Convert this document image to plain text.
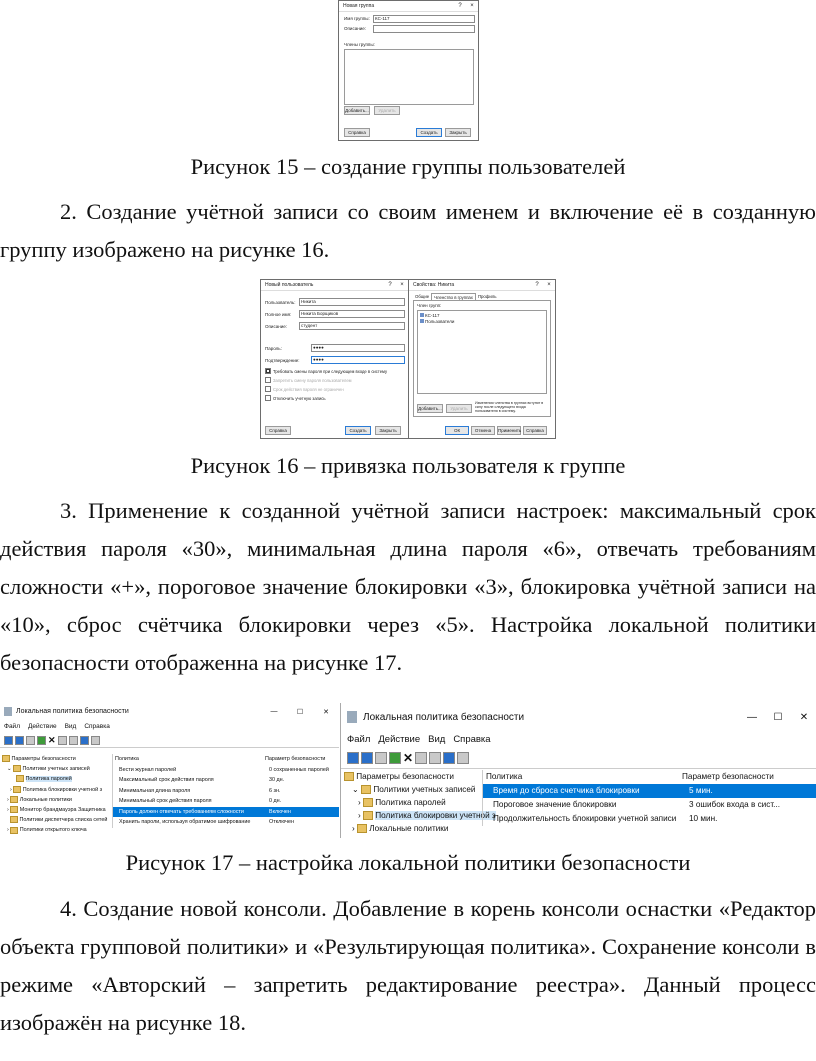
Новая группа	?	×
Имя группы:	КС-117
Описание:
Члены группы:
Добавить...	Удалить
Справка	Создать	Закрыть
Рисунок 15 – создание группы пользователей

2. Создание учётной записи со своим именем и включение её в созданную группу изображено на рисунке 16.

Новый пользователь	?	×
Пользователь:	Никита
Полное имя:	Никита Борщиков
Описание:	студент
Пароль:	●●●●
Подтверждение:	●●●●
Требовать смены пароля при следующем входе в систему
Запретить смену пароля пользователем
Срок действия пароля не ограничен
Отключить учетную запись
Справка	Создать	Закрыть
Свойства: Никита	?	×
Общие	Членство в группах	Профиль
Член групп:
КС-117
Пользователи
Добавить...	Удалить
Изменения членства в группах вступят в силу после следующего входа пользователя в систему.
ОК	Отмена	Применить	Справка
Рисунок 16 – привязка пользователя к группе

3. Применение к созданной учётной записи настроек: максимальный срок действия пароля «30», минимальная длина пароля «6», отвечать требованиям сложности «+», пороговое значение блокировки «3», блокировка учётной записи на «10», сброс счётчика блокировки через «5». Настройка локальной политики безопасности отображенна на рисунке 17.

Локальная политика безопасности	—	☐	✕
Файл Действие Вид Справка
✕
Параметры безопасности
⌄  Политики учетных записей
Политика паролей
›  Политика блокировки учетной з
›  Локальные политики
›  Монитор брандмауэра Защитника
Политики диспетчера списка сетей
›  Политики открытого ключа
Политика	Параметр безопасности
Вести журнал паролей	0 сохраненных паролей
Максимальный срок действия пароля	30 дн.
Минимальная длина пароля	6 зн.
Минимальный срок действия пароля	0 дн.
Пароль должен отвечать требованиям сложности	Включен
Хранить пароли, используя обратимое шифрование	Отключен
Локальная политика безопасности	—	☐	✕
Файл Действие Вид Справка
✕
Параметры безопасности
⌄  Политики учетных записей
›  Политика паролей
›  Политика блокировки учетной з
›  Локальные политики
Политика	Параметр безопасности
Время до сброса счетчика блокировки	5 мин.
Пороговое значение блокировки	3 ошибок входа в сист...
Продолжительность блокировки учетной записи	10 мин.
Рисунок 17 – настройка локальной политики безопасности

4. Создание новой консоли. Добавление в корень консоли оснастки «Редактор объекта групповой политики» и «Результирующая политика». Сохранение консоли в режиме «Авторский – запретить редактирование реестра». Данный процесс изображён на рисунке 18.
